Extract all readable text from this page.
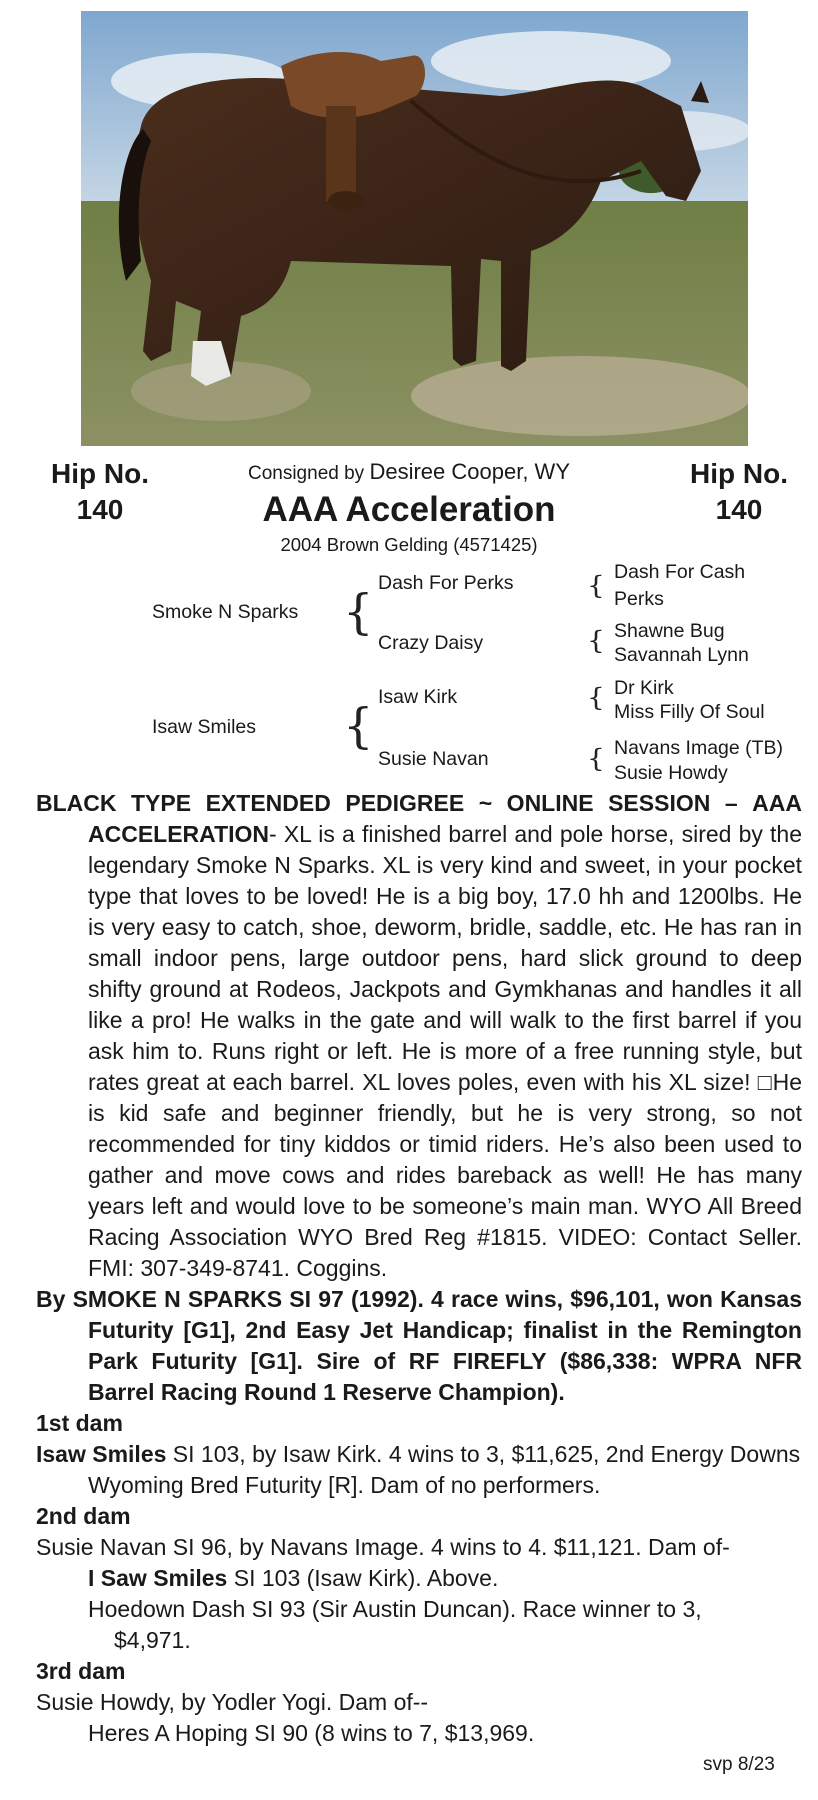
Hip No.
140
Hip No.
140
Consigned by Desiree Cooper, WY
AAA Acceleration
2004 Brown Gelding (4571425)
Smoke N Sparks
Isaw Smiles
{
{
Dash For Perks
Crazy Daisy
Isaw Kirk
Susie Navan
{
{
{
{
Dash For Cash
Perks
Shawne Bug
Savannah Lynn
Dr Kirk
Miss Filly Of Soul
Navans Image (TB)
Susie Howdy

BLACK TYPE EXTENDED PEDIGREE ~ ONLINE SESSION – AAA ACCELERATION- XL is a finished barrel and pole horse, sired by the legendary Smoke N Sparks. XL is very kind and sweet, in your pocket type that loves to be loved! He is a big boy, 17.0 hh and 1200lbs. He is very easy to catch, shoe, deworm, bridle, saddle, etc. He has ran in small indoor pens, large outdoor pens, hard slick ground to deep shifty ground at Rodeos, Jackpots and Gymkhanas and handles it all like a pro! He walks in the gate and will walk to the first barrel if you ask him to. Runs right or left. He is more of a free running style, but rates great at each barrel. XL loves poles, even with his XL size! □He is kid safe and beginner friendly, but he is very strong, so not recommended for tiny kiddos or timid riders. He’s also been used to gather and move cows and rides bareback as well! He has many years left and would love to be someone’s main man. WYO All Breed Racing Association WYO Bred Reg #1815. VIDEO: Contact Seller. FMI: 307-349-8741. Coggins.

By SMOKE N SPARKS SI 97 (1992). 4 race wins, $96,101, won Kansas Futurity [G1], 2nd Easy Jet Handicap; finalist in the Remington Park Futurity [G1]. Sire of RF FIREFLY ($86,338: WPRA NFR Barrel Racing Round 1 Reserve Champion).

1st dam

Isaw Smiles SI 103, by Isaw Kirk. 4 wins to 3, $11,625, 2nd Energy Downs Wyoming Bred Futurity [R]. Dam of no performers.

2nd dam

Susie Navan SI 96, by Navans Image. 4 wins to 4. $11,121. Dam of-

I Saw Smiles SI 103 (Isaw Kirk). Above.
Hoedown Dash SI 93 (Sir Austin Duncan). Race winner to 3,
$4,971.

3rd dam

Susie Howdy, by Yodler Yogi. Dam of--

Heres A Hoping SI 90 (8 wins to 7, $13,969.
svp 8/23
